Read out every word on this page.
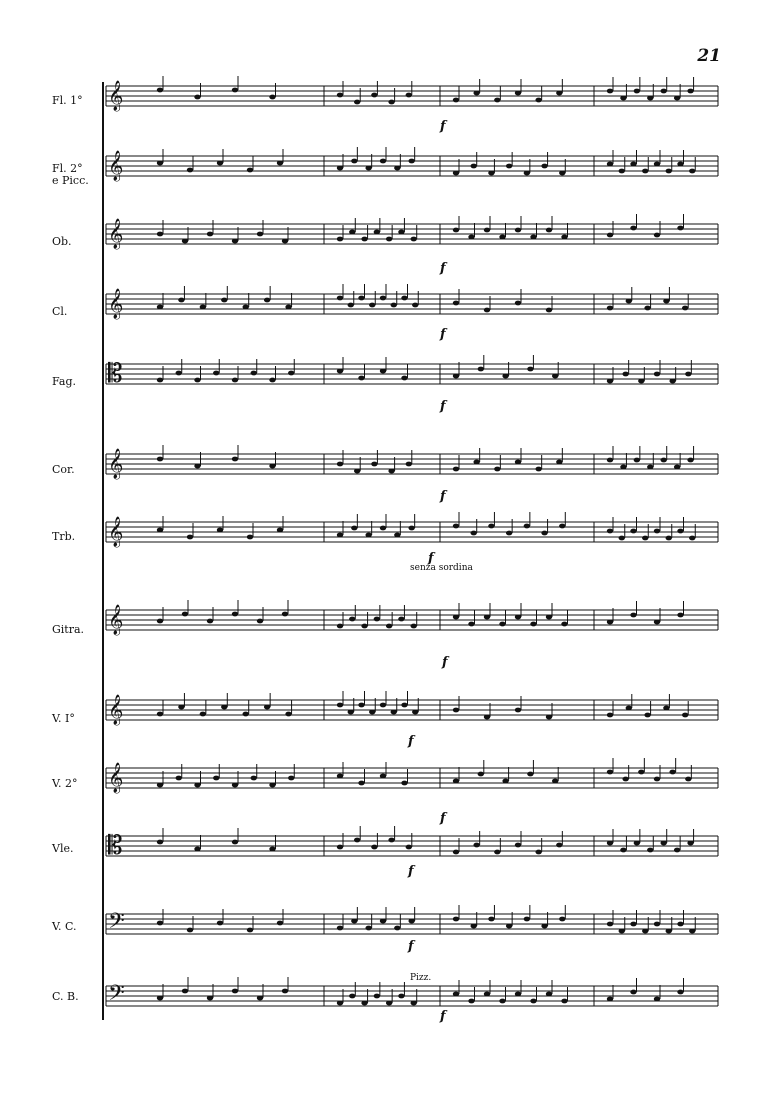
21
𝄞
𝄞
𝄞
𝄞
𝄡
𝄞
𝄞
𝄞
𝄞
𝄞
𝄡
𝄢
𝄢
Fl. 1°
Fl. 2°
e Picc.
Ob.
Cl.
Fag.
Cor.
Trb.
Gitra.
V. I°
V. 2°
Vle.
V. C.
C. B.
senza sordina
Pizz.
f
f
f
f
f
f
f
f
f
f
f
f
